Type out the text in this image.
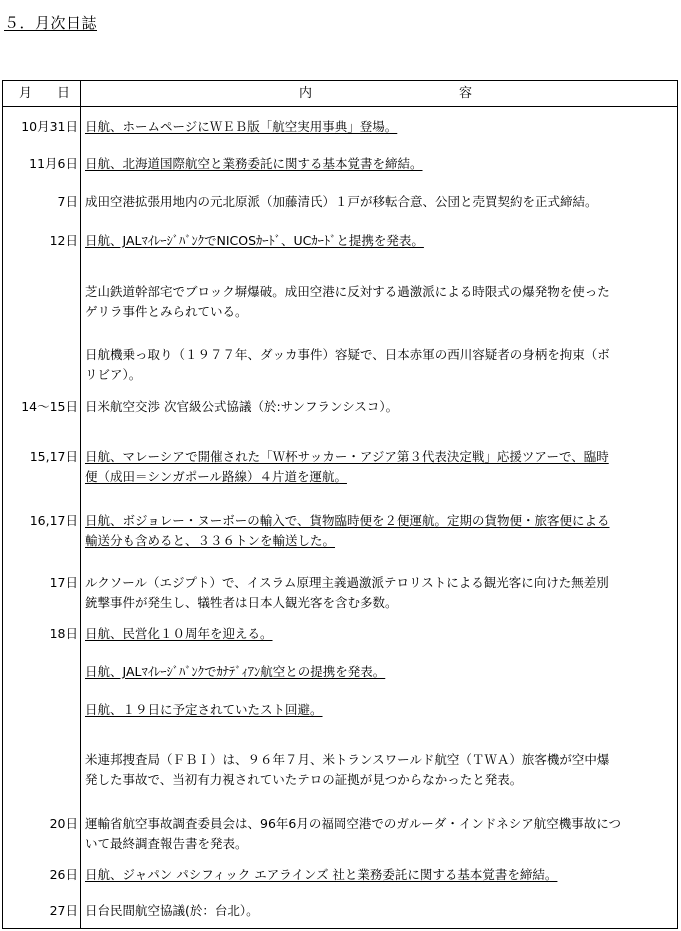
５．月次日誌
月 日	内	容
10月31日 日航、ホームページにＷＥＢ版「航空実用事典」登場。
11月6日 日航、北海道国際航空と業務委託に関する基本覚書を締結。
7日 成田空港拡張用地内の元北原派（加藤清氏）１戸が移転合意、公団と売買契約を正式締結。
12日 日航、JALﾏｲﾚｰｼﾞﾊﾞﾝｸでNICOSｶｰﾄﾞ、UCｶｰﾄﾞと提携を発表。
芝山鉄道幹部宅でブロック塀爆破。成田空港に反対する過激派による時限式の爆発物を使った
ゲリラ事件とみられている。
日航機乗っ取り（１９７７年、ダッカ事件）容疑で、日本赤軍の西川容疑者の身柄を拘束（ボ
リビア）。
14～15日 日米航空交渉 次官級公式協議（於:サンフランシスコ）。
15,17日 日航、マレーシアで開催された「Ｗ杯サッカー・アジア第３代表決定戦」応援ツアーで、臨時
便（成田＝シンガポール路線）４片道を運航。
16,17日 日航、ボジョレー・ヌーボーの輸入で、貨物臨時便を２便運航。定期の貨物便・旅客便による
輸送分も含めると、３３６トンを輸送した。
17日 ルクソール（エジプト）で、イスラム原理主義過激派テロリストによる観光客に向けた無差別
銃撃事件が発生し、犠牲者は日本人観光客を含む多数。
18日 日航、民営化１０周年を迎える。
日航、JALﾏｲﾚｰｼﾞﾊﾞﾝｸでｶﾅﾃﾞｨｱﾝ航空との提携を発表。
日航、１９日に予定されていたスト回避。
米連邦捜査局（ＦＢＩ）は、９６年７月、米トランスワールド航空（ＴＷＡ）旅客機が空中爆
発した事故で、当初有力視されていたテロの証拠が見つからなかったと発表。
20日 運輸省航空事故調査委員会は、96年6月の福岡空港でのガルーダ・インドネシア航空機事故につ
いて最終調査報告書を発表。
26日 日航、ジャパン パシフィック エアラインズ 社と業務委託に関する基本覚書を締結。
27日 日台民間航空協議(於：台北）。
